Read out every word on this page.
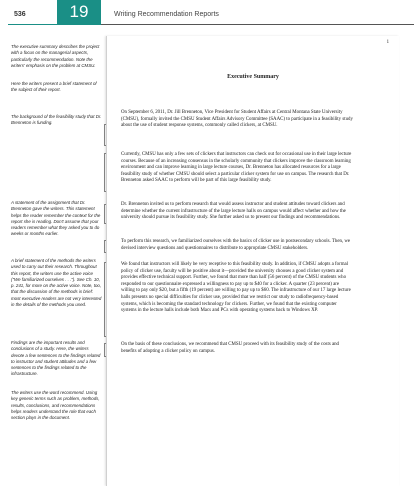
536	19	Writing Recommendation Reports
The executive summary describes the project with a focus on the managerial aspects, particularly the recommendation. Note the writers' emphasis on the problem at CMSU.
Here the writers present a brief statement of the subject of their report.
The background of the feasibility study that Dr. Brenneton is funding.
A statement of the assignment that Dr. Brenneton gave the writers. This statement helps the reader remember the context for the report she is reading. Don't assume that your readers remember what they asked you to do weeks or months earlier.
A brief statement of the methods the writers used to carry out their research. Throughout this report, the writers use the active voice ("We familiarized ourselves . . ."). See Ch. 10, p. 241, for more on the active voice. Note, too, that the discussion of the methods is brief: most executive readers are not very interested in the details of the methods you used.
Findings are the important results and conclusions of a study. Here, the writers devote a few sentences to the findings related to instructor and student attitudes and a few sentences to the findings related to the infrastructure.
The writers use the word recommend. Using key generic terms such as problem, methods, results, conclusions, and recommendations helps readers understand the role that each section plays in the document.
1
Executive Summary

On September 6, 2011, Dr. Jill Brenneton, Vice President for Student Affairs at Central Montana State University (CMSU), formally invited the CMSU Student Affairs Advisory Committee (SAAC) to participate in a feasibility study about the use of student response systems, commonly called clickers, at CMSU.

Currently, CMSU has only a few sets of clickers that instructors can check out for occasional use in their large lecture courses. Because of an increasing consensus in the scholarly community that clickers improve the classroom learning environment and can improve learning in large lecture courses, Dr. Brenneton has allocated resources for a large feasibility study of whether CMSU should select a particular clicker system for use on campus. The research that Dr. Brenneton asked SAAC to perform will be part of this large feasibility study.

Dr. Brenneton invited us to perform research that would assess instructor and student attitudes toward clickers and determine whether the current infrastructure of the large lecture halls on campus would affect whether and how the university should pursue its feasibility study. She further asked us to present our findings and recommendations.

To perform this research, we familiarized ourselves with the basics of clicker use in postsecondary schools. Then, we devised interview questions and questionnaires to distribute to appropriate CMSU stakeholders.

We found that instructors will likely be very receptive to this feasibility study. In addition, if CMSU adopts a formal policy of clicker use, faculty will be positive about it—provided the university chooses a good clicker system and provides effective technical support. Further, we found that more than half (56 percent) of the CMSU students who responded to our questionnaire expressed a willingness to pay up to $40 for a clicker. A quarter (23 percent) are willing to pay only $20, but a fifth (19 percent) are willing to pay up to $60. The infrastructure of our 17 large lecture halls presents no special difficulties for clicker use, provided that we restrict our study to radiofrequency-based systems, which is becoming the standard technology for clickers. Further, we found that the existing computer systems in the lecture halls include both Macs and PCs with operating systems back to Windows XP.

On the basis of these conclusions, we recommend that CMSU proceed with its feasibility study of the costs and benefits of adopting a clicker policy on campus.
